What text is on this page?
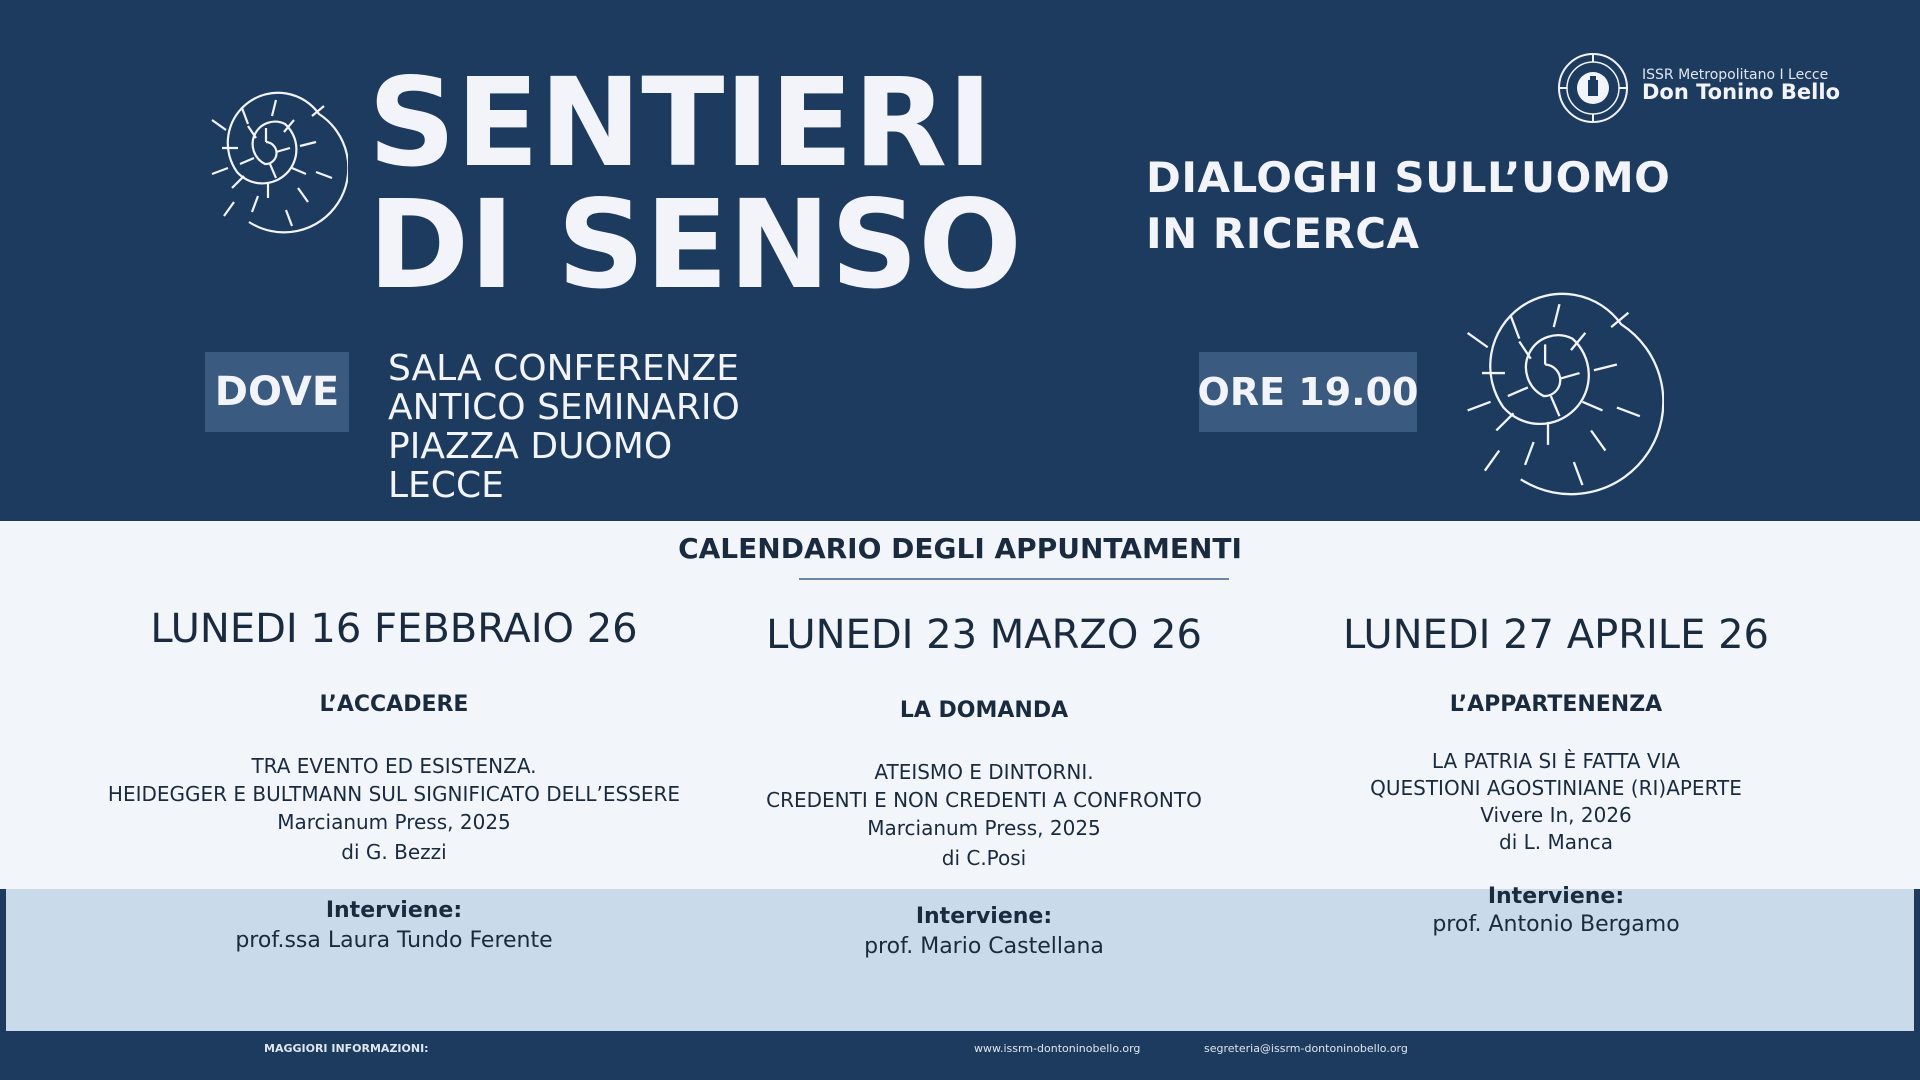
SENTIERI
DI SENSO	DIALOGHI SULL’UOMO
IN RICERCA
DOVE
SALA CONFERENZE
ANTICO SEMINARIO
PIAZZA DUOMO
LECCE
ORE 19.00
ISSR Metropolitano I Lecce
Don Tonino Bello
CALENDARIO DEGLI APPUNTAMENTI
LUNEDI 16 FEBBRAIO 26
L’ACCADERE
TRA EVENTO ED ESISTENZA.
HEIDEGGER E BULTMANN SUL SIGNIFICATO DELL’ESSERE
Marcianum Press, 2025
di G. Bezzi
Interviene:
prof.ssa Laura Tundo Ferente
LUNEDI 23 MARZO 26
LA DOMANDA
ATEISMO E DINTORNI.
CREDENTI E NON CREDENTI A CONFRONTO
Marcianum Press, 2025
di C.Posi
Interviene:
prof. Mario Castellana
LUNEDI 27 APRILE 26
L’APPARTENENZA
LA PATRIA SI È FATTA VIA
QUESTIONI AGOSTINIANE (RI)APERTE
Vivere In, 2026
di L. Manca
Interviene:
prof. Antonio Bergamo
MAGGIORI INFORMAZIONI:	www.issrm-dontoninobello.org	segreteria@issrm-dontoninobello.org
